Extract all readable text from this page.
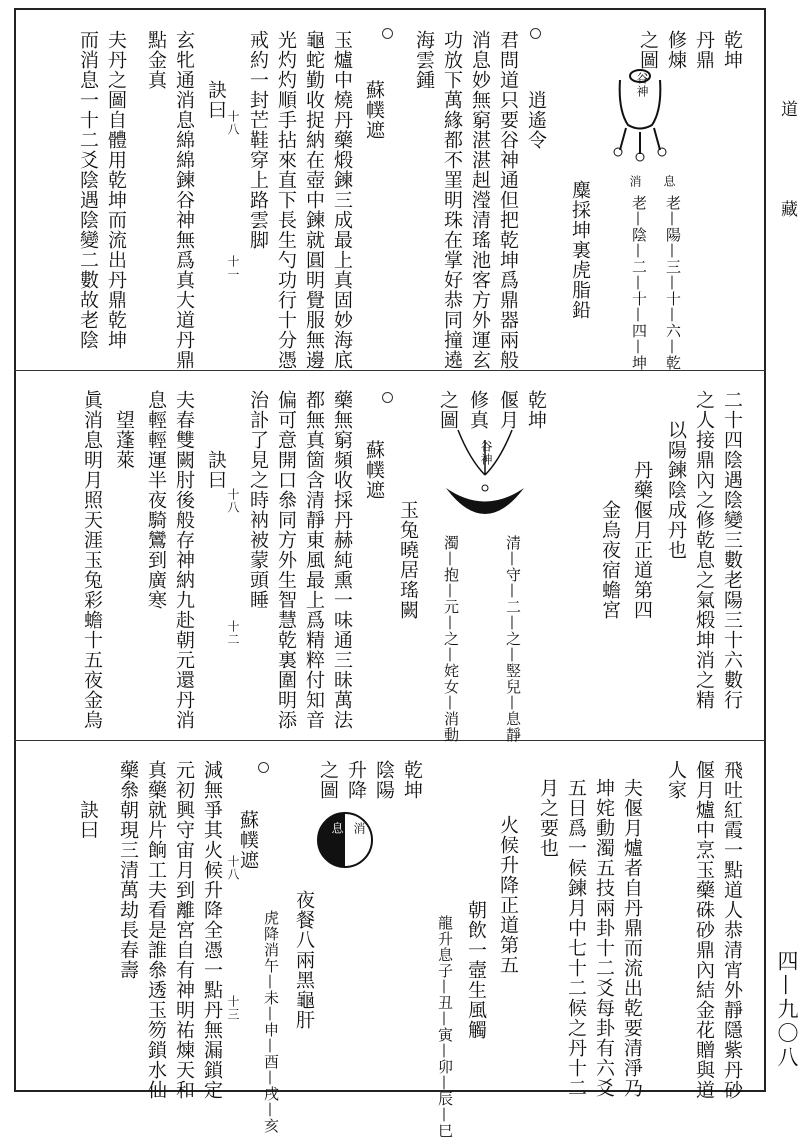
道
藏
四—九〇八
乾坤
丹鼎
修煉
之圖
谷神
息
消
老—陽—三—十—六—乾
老—陰—二—十—四—坤
麋採坤裏虎脂鉛
逍遙令
君問道只要谷神通但把乾坤爲鼎器兩般
消息妙無窮湛湛赳瀅清瑤池客方外運玄
功放下萬緣都不罣明珠在掌好恭同撞遶
海雲鍾
蘇幞遮
玉爐中燒丹藥煅鍊三成最上真固妙海底
龜蛇勤收捉納在壺中鍊就圓明覺服無邊
光灼灼順手拈來直下長生勺功行十分憑
戒約一封芒鞋穿上路雲脚
十八
十一
訣曰
玄牝通消息綿綿鍊谷神無爲真大道丹鼎
點金真
夫丹之圖自體用乾坤而流出丹鼎乾坤
而消息一十二爻陰遇陰變二數故老陰
二十四陰遇陰變三數老陽三十六數行
之人接鼎內之修乾息之氣煅坤消之精
以陽鍊陰成丹也
丹藥偃月正道第四
金烏夜宿蟾宮
乾坤
偃月
修真
之圖
谷神
清—守—二—之—竪兒—息靜
濁—抱—元—之—姹女—消動
蘇幞遮
玉兔曉居瑤闕
藥無窮頻收採丹赫純熏一味通三昧萬法
都無真箇含清靜東風最上爲精粹付知音
偏可意開口叅同方外生智慧乾裏圍明添
治訃了見之時衲被蒙頭睡
十八
十二
訣曰
夫春雙闕肘後般存神納九赴朝元還丹消
息輕輕運半夜騎鸞到廣寒
望蓬萊
眞消息明月照天涯玉兔彩蟾十五夜金烏
飛吐紅霞一點道人恭清宵外靜隱紫丹砂
偃月爐中烹玉藥硃砂鼎內結金花贈與道
人家
夫偃月爐者自丹鼎而流出乾要清淨乃
坤姹動濁五技兩卦十二爻每卦有六爻
五日爲一候鍊月中七十二候之丹十二
月之要也
火候升降正道第五
朝飲一壼生風觸
龍升息子—丑—寅—卯—辰—巳
夜餐八兩黑龜肝
虎降消午—未—申—酉—戌—亥
乾坤
陰陽
升降
之圖
息 消
蘇幞遮
減無爭其火候升降全憑一點丹無漏鎖定
元初興守宙月到離宮自有神明祐煉天和
真藥就片餉工夫看是誰叅透玉笏鎖水仙
藥叅朝現三清萬劫長春壽	十八
十三
訣曰
